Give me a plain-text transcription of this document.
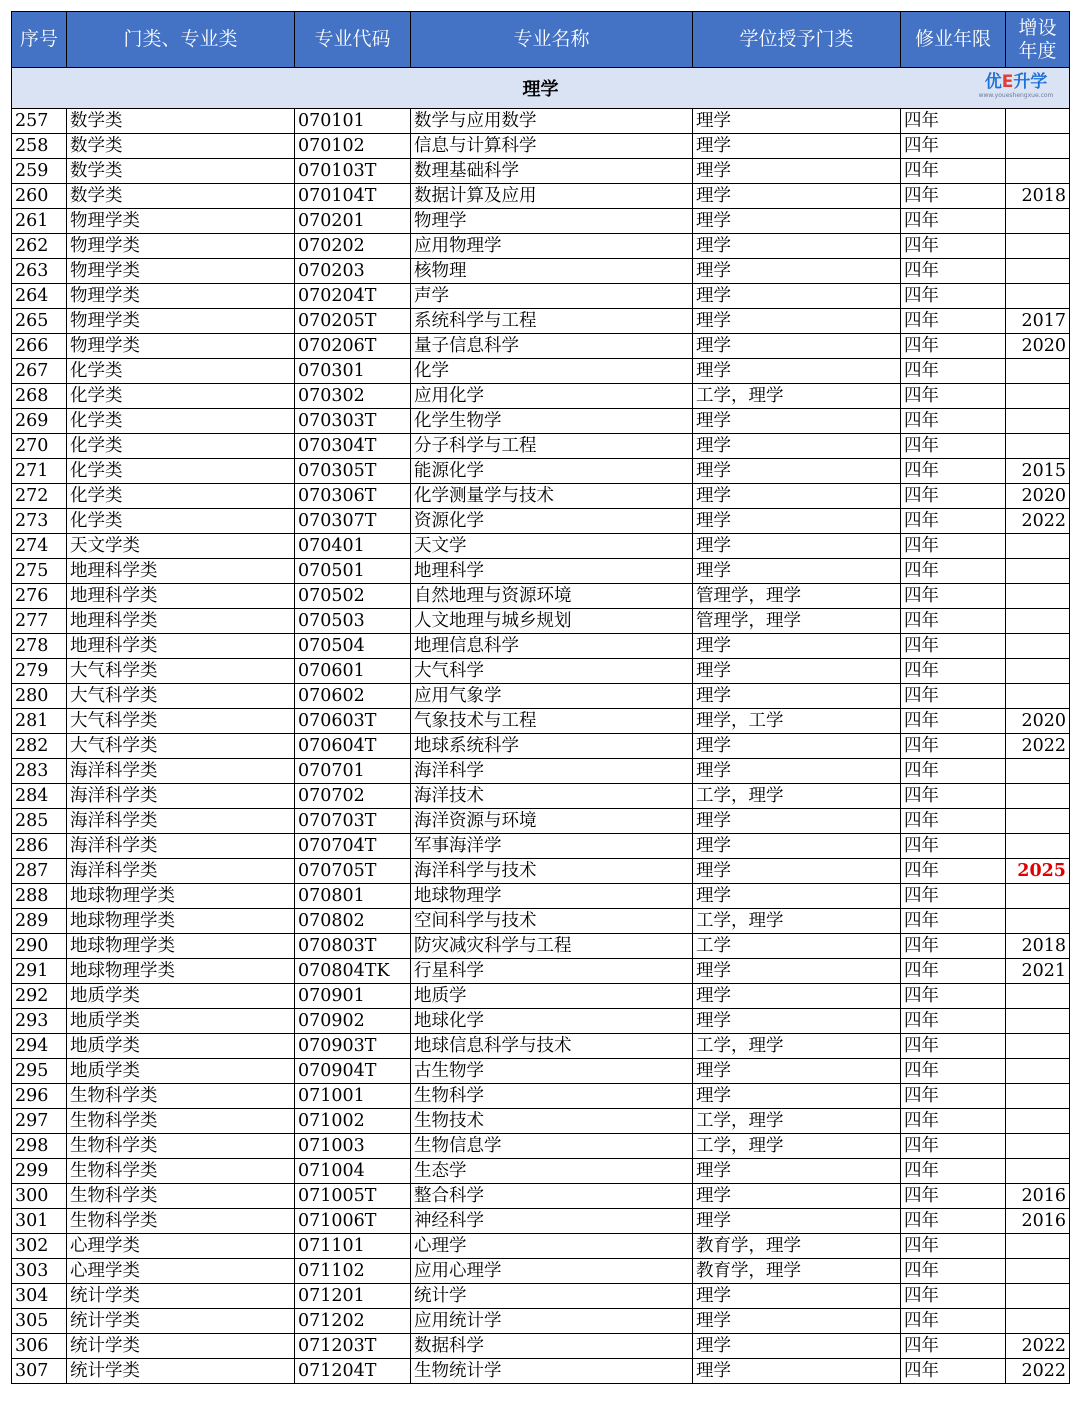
序号	门类、专业类	专业代码	专业名称	学位授予门类	修业年限	增设年度

理学 优E升学
www.youeshengxue.com						

257	数学类	070101	数学与应用数学	理学	四年	
258	数学类	070102	信息与计算科学	理学	四年	
259	数学类	070103T	数理基础科学	理学	四年	
260	数学类	070104T	数据计算及应用	理学	四年	2018
261	物理学类	070201	物理学	理学	四年	
262	物理学类	070202	应用物理学	理学	四年	
263	物理学类	070203	核物理	理学	四年	
264	物理学类	070204T	声学	理学	四年	
265	物理学类	070205T	系统科学与工程	理学	四年	2017
266	物理学类	070206T	量子信息科学	理学	四年	2020
267	化学类	070301	化学	理学	四年	
268	化学类	070302	应用化学	工学，理学	四年	
269	化学类	070303T	化学生物学	理学	四年	
270	化学类	070304T	分子科学与工程	理学	四年	
271	化学类	070305T	能源化学	理学	四年	2015
272	化学类	070306T	化学测量学与技术	理学	四年	2020
273	化学类	070307T	资源化学	理学	四年	2022
274	天文学类	070401	天文学	理学	四年	
275	地理科学类	070501	地理科学	理学	四年	
276	地理科学类	070502	自然地理与资源环境	管理学，理学	四年	
277	地理科学类	070503	人文地理与城乡规划	管理学，理学	四年	
278	地理科学类	070504	地理信息科学	理学	四年	
279	大气科学类	070601	大气科学	理学	四年	
280	大气科学类	070602	应用气象学	理学	四年	
281	大气科学类	070603T	气象技术与工程	理学，工学	四年	2020
282	大气科学类	070604T	地球系统科学	理学	四年	2022
283	海洋科学类	070701	海洋科学	理学	四年	
284	海洋科学类	070702	海洋技术	工学，理学	四年	
285	海洋科学类	070703T	海洋资源与环境	理学	四年	
286	海洋科学类	070704T	军事海洋学	理学	四年	
287	海洋科学类	070705T	海洋科学与技术	理学	四年	2025
288	地球物理学类	070801	地球物理学	理学	四年	
289	地球物理学类	070802	空间科学与技术	工学，理学	四年	
290	地球物理学类	070803T	防灾减灾科学与工程	工学	四年	2018
291	地球物理学类	070804TK	行星科学	理学	四年	2021
292	地质学类	070901	地质学	理学	四年	
293	地质学类	070902	地球化学	理学	四年	
294	地质学类	070903T	地球信息科学与技术	工学，理学	四年	
295	地质学类	070904T	古生物学	理学	四年	
296	生物科学类	071001	生物科学	理学	四年	
297	生物科学类	071002	生物技术	工学，理学	四年	
298	生物科学类	071003	生物信息学	工学，理学	四年	
299	生物科学类	071004	生态学	理学	四年	
300	生物科学类	071005T	整合科学	理学	四年	2016
301	生物科学类	071006T	神经科学	理学	四年	2016
302	心理学类	071101	心理学	教育学，理学	四年	
303	心理学类	071102	应用心理学	教育学，理学	四年	
304	统计学类	071201	统计学	理学	四年	
305	统计学类	071202	应用统计学	理学	四年	
306	统计学类	071203T	数据科学	理学	四年	2022
307	统计学类	071204T	生物统计学	理学	四年	2022
